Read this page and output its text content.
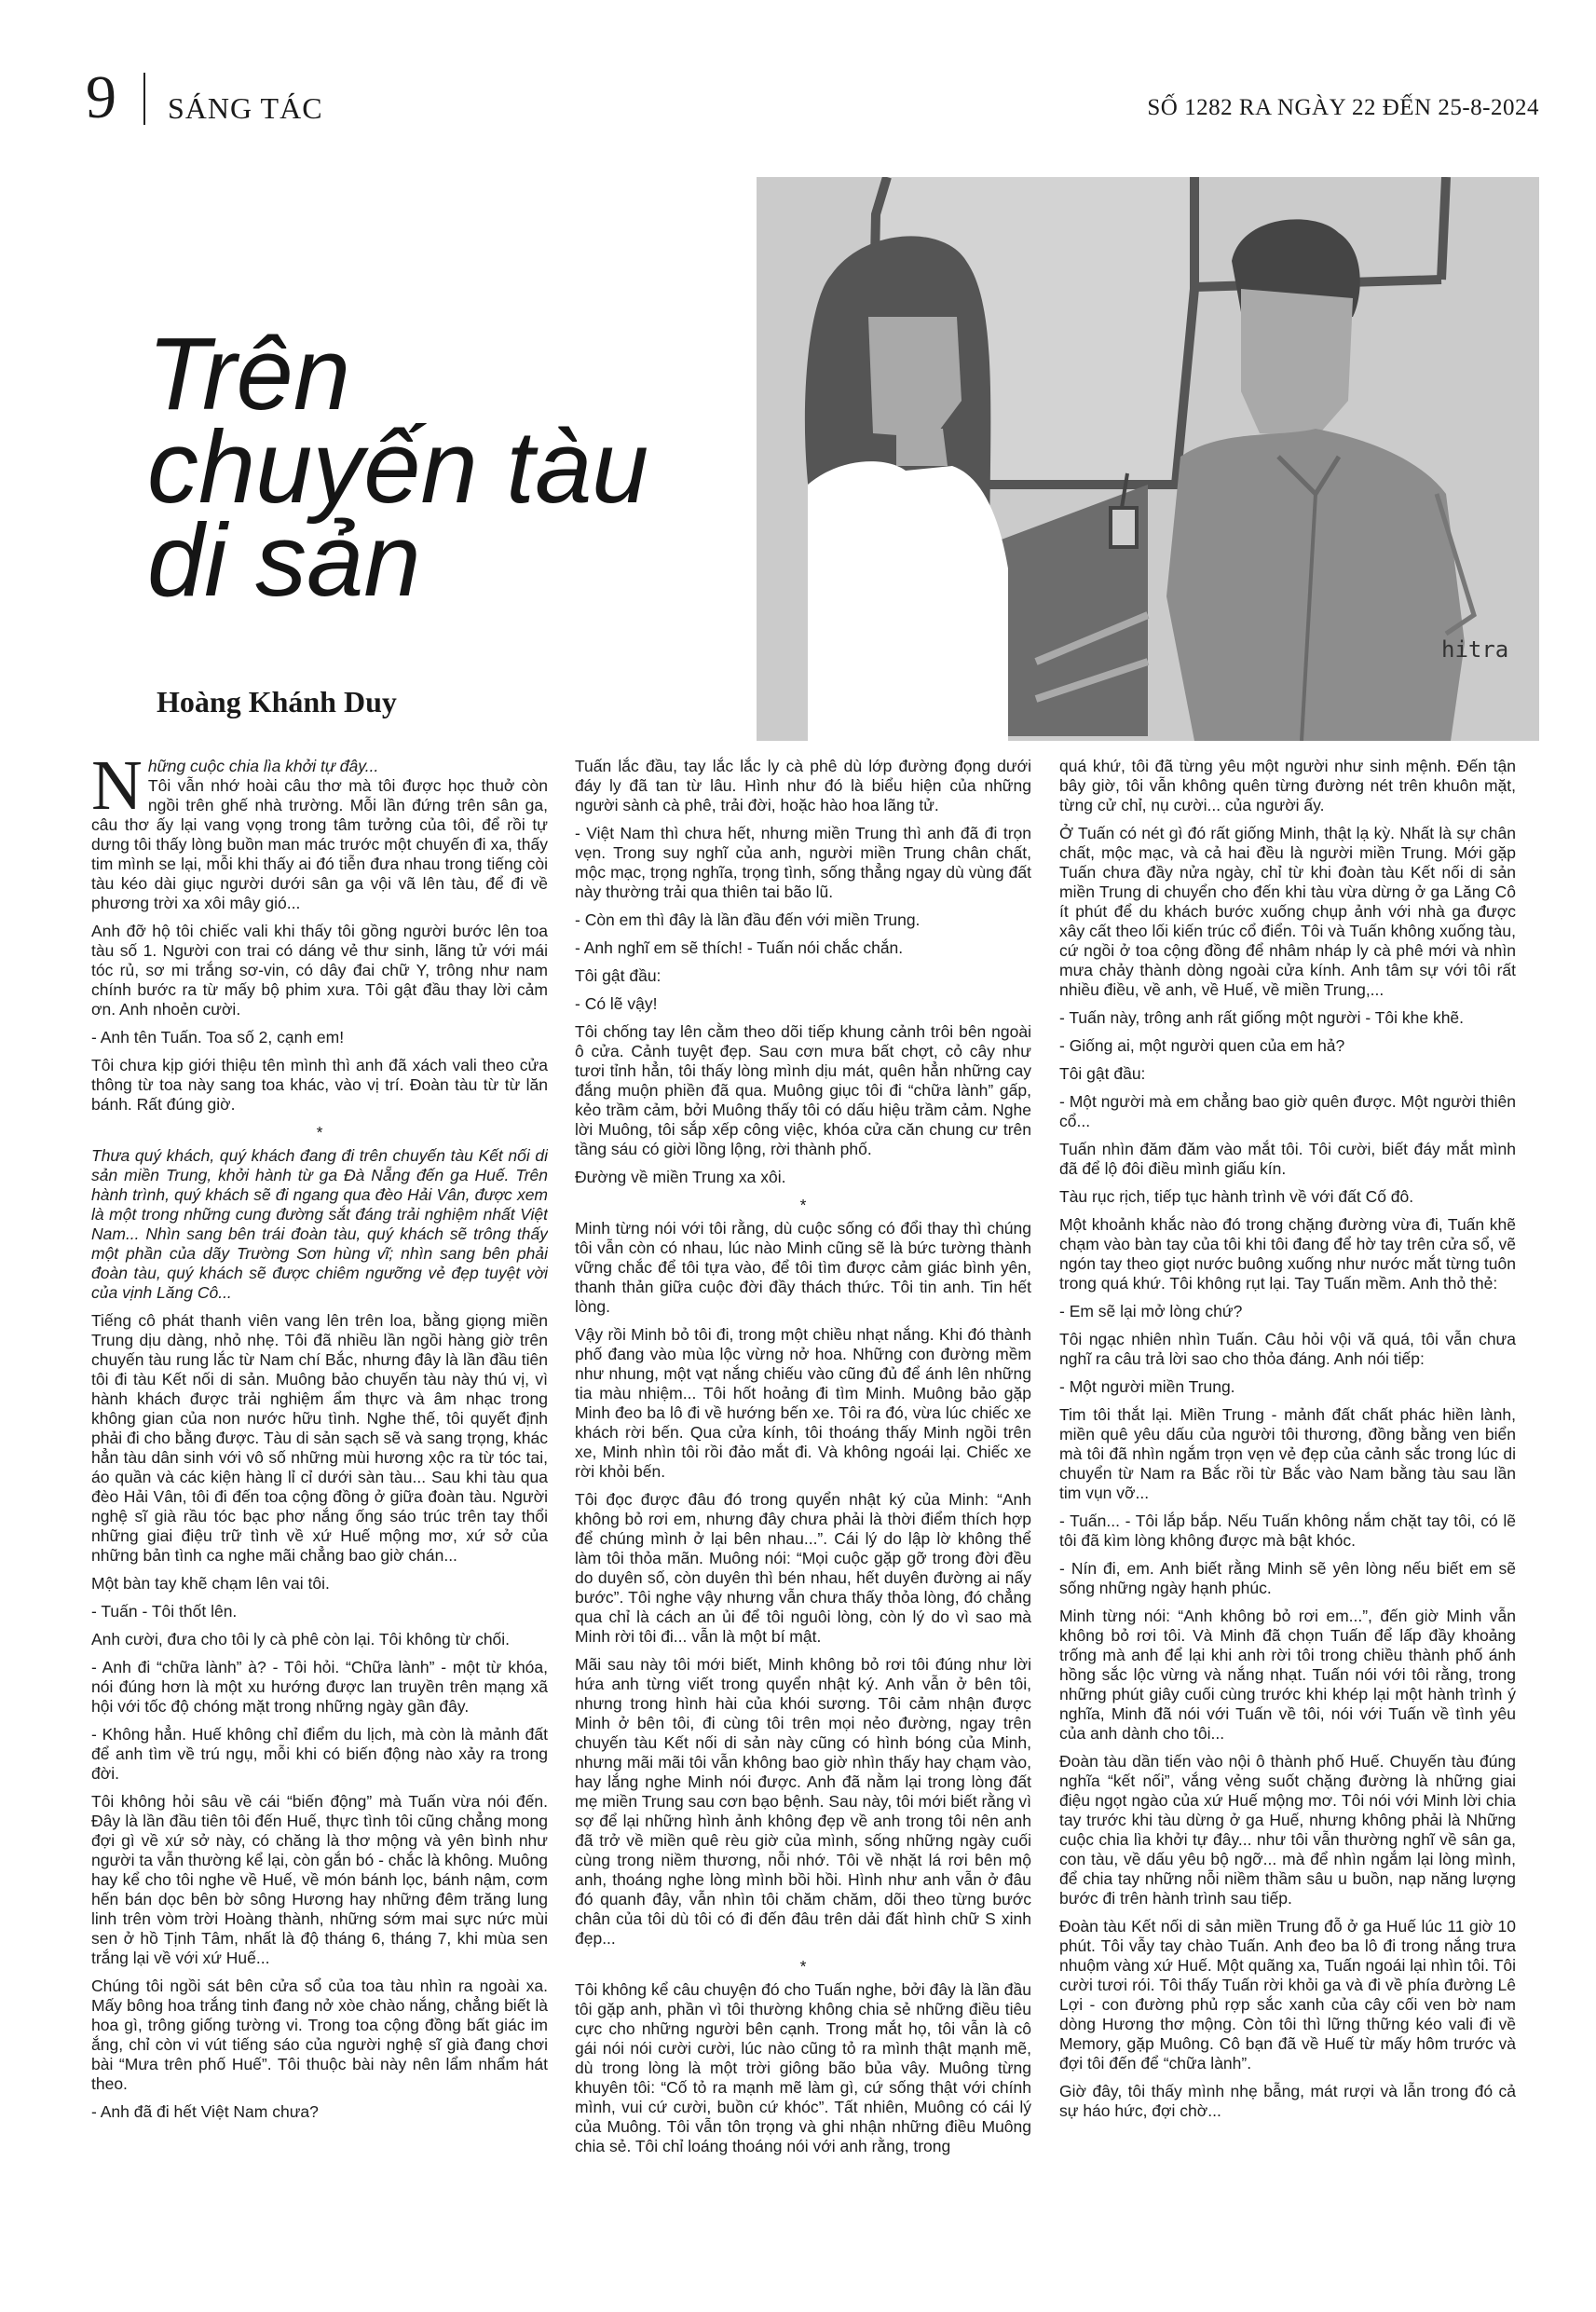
9 SÁNG TÁC	SỐ 1282 RA NGÀY 22 ĐẾN 25-8-2024
hitra
Trên
chuyến tàu
di sản
Hoàng Khánh Duy

Những cuộc chia lìa khởi tự đây...
Tôi vẫn nhớ hoài câu thơ mà tôi được học thuở còn ngồi trên ghế nhà trường. Mỗi lần đứng trên sân ga, câu thơ ấy lại vang vọng trong tâm tưởng của tôi, để rồi tự dưng tôi thấy lòng buồn man mác trước một chuyến đi xa, thấy tim mình se lại, mỗi khi thấy ai đó tiễn đưa nhau trong tiếng còi tàu kéo dài giục người dưới sân ga vội vã lên tàu, để đi về phương trời xa xôi mây gió...

Anh đỡ hộ tôi chiếc vali khi thấy tôi gồng người bước lên toa tàu số 1. Người con trai có dáng vẻ thư sinh, lãng tử với mái tóc rủ, sơ mi trắng sơ-vin, có dây đai chữ Y, trông như nam chính bước ra từ mấy bộ phim xưa. Tôi gật đầu thay lời cảm ơn. Anh nhoẻn cười.

- Anh tên Tuấn. Toa số 2, cạnh em!

Tôi chưa kịp giới thiệu tên mình thì anh đã xách vali theo cửa thông từ toa này sang toa khác, vào vị trí. Đoàn tàu từ từ lăn bánh. Rất đúng giờ.

*

Thưa quý khách, quý khách đang đi trên chuyến tàu Kết nối di sản miền Trung, khởi hành từ ga Đà Nẵng đến ga Huế. Trên hành trình, quý khách sẽ đi ngang qua đèo Hải Vân, được xem là một trong những cung đường sắt đáng trải nghiệm nhất Việt Nam... Nhìn sang bên trái đoàn tàu, quý khách sẽ trông thấy một phần của dãy Trường Sơn hùng vĩ; nhìn sang bên phải đoàn tàu, quý khách sẽ được chiêm ngưỡng vẻ đẹp tuyệt vời của vịnh Lăng Cô...

Tiếng cô phát thanh viên vang lên trên loa, bằng giọng miền Trung dịu dàng, nhỏ nhẹ. Tôi đã nhiều lần ngồi hàng giờ trên chuyến tàu rung lắc từ Nam chí Bắc, nhưng đây là lần đầu tiên tôi đi tàu Kết nối di sản. Muông bảo chuyến tàu này thú vị, vì hành khách được trải nghiệm ẩm thực và âm nhạc trong không gian của non nước hữu tình. Nghe thế, tôi quyết định phải đi cho bằng được. Tàu di sản sạch sẽ và sang trọng, khác hẳn tàu dân sinh với vô số những mùi hương xộc ra từ tóc tai, áo quần và các kiện hàng lỉ cỉ dưới sàn tàu... Sau khi tàu qua đèo Hải Vân, tôi đi đến toa cộng đồng ở giữa đoàn tàu. Người nghệ sĩ già rầu tóc bạc phơ nắng ống sáo trúc trên tay thổi những giai điệu trữ tình về xứ Huế mộng mơ, xứ sở của những bản tình ca nghe mãi chẳng bao giờ chán...

Một bàn tay khẽ chạm lên vai tôi.

- Tuấn - Tôi thốt lên.

Anh cười, đưa cho tôi ly cà phê còn lại. Tôi không từ chối.

- Anh đi “chữa lành” à? - Tôi hỏi. “Chữa lành” - một từ khóa, nói đúng hơn là một xu hướng được lan truyền trên mạng xã hội với tốc độ chóng mặt trong những ngày gần đây.

- Không hẳn. Huế không chỉ điểm du lịch, mà còn là mảnh đất để anh tìm về trú ngụ, mỗi khi có biến động nào xảy ra trong đời.

Tôi không hỏi sâu về cái “biến động” mà Tuấn vừa nói đến. Đây là lần đầu tiên tôi đến Huế, thực tình tôi cũng chẳng mong đợi gì về xứ sở này, có chăng là thơ mộng và yên bình như người ta vẫn thường kể lại, còn gắn bó - chắc là không. Muông hay kể cho tôi nghe về Huế, về món bánh lọc, bánh nậm, cơm hến bán dọc bên bờ sông Hương hay những đêm trăng lung linh trên vòm trời Hoàng thành, những sớm mai sực nức mùi sen ở hồ Tịnh Tâm, nhất là độ tháng 6, tháng 7, khi mùa sen trắng lại về với xứ Huế...

Chúng tôi ngồi sát bên cửa sổ của toa tàu nhìn ra ngoài xa. Mấy bông hoa trắng tinh đang nở xòe chào nắng, chẳng biết là hoa gì, trông giống tường vi. Trong toa cộng đồng bất giác im ắng, chỉ còn vi vút tiếng sáo của người nghệ sĩ già đang chơi bài “Mưa trên phố Huế”. Tôi thuộc bài này nên lẩm nhẩm hát theo.

- Anh đã đi hết Việt Nam chưa?

Tuấn lắc đầu, tay lắc lắc ly cà phê dù lớp đường đọng dưới đáy ly đã tan từ lâu. Hình như đó là biểu hiện của những người sành cà phê, trải đời, hoặc hào hoa lãng tử.

- Việt Nam thì chưa hết, nhưng miền Trung thì anh đã đi trọn vẹn. Trong suy nghĩ của anh, người miền Trung chân chất, mộc mạc, trọng nghĩa, trọng tình, sống thẳng ngay dù vùng đất này thường trải qua thiên tai bão lũ.

- Còn em thì đây là lần đầu đến với miền Trung.

- Anh nghĩ em sẽ thích! - Tuấn nói chắc chắn.

Tôi gật đầu:

- Có lẽ vậy!

Tôi chống tay lên cằm theo dõi tiếp khung cảnh trôi bên ngoài ô cửa. Cảnh tuyệt đẹp. Sau cơn mưa bất chợt, cỏ cây như tươi tỉnh hẳn, tôi thấy lòng mình dịu mát, quên hẳn những cay đắng muộn phiền đã qua. Muông giục tôi đi “chữa lành” gấp, kẻo trầm cảm, bởi Muông thấy tôi có dấu hiệu trầm cảm. Nghe lời Muông, tôi sắp xếp công việc, khóa cửa căn chung cư trên tầng sáu có giời lồng lộng, rời thành phố.

Đường về miền Trung xa xôi.

*

Minh từng nói với tôi rằng, dù cuộc sống có đổi thay thì chúng tôi vẫn còn có nhau, lúc nào Minh cũng sẽ là bức tường thành vững chắc để tôi tựa vào, để tôi tìm được cảm giác bình yên, thanh thản giữa cuộc đời đầy thách thức. Tôi tin anh. Tin hết lòng.

Vậy rồi Minh bỏ tôi đi, trong một chiều nhạt nắng. Khi đó thành phố đang vào mùa lộc vừng nở hoa. Những con đường mềm như nhung, một vạt nắng chiếu vào cũng đủ để ánh lên những tia màu nhiệm... Tôi hốt hoảng đi tìm Minh. Muông bảo gặp Minh đeo ba lô đi về hướng bến xe. Tôi ra đó, vừa lúc chiếc xe khách rời bến. Qua cửa kính, tôi thoáng thấy Minh ngồi trên xe, Minh nhìn tôi rồi đảo mắt đi. Và không ngoái lại. Chiếc xe rời khỏi bến.

Tôi đọc được đâu đó trong quyển nhật ký của Minh: “Anh không bỏ rơi em, nhưng đây chưa phải là thời điểm thích hợp để chúng mình ở lại bên nhau...”. Cái lý do lập lờ không thể làm tôi thỏa mãn. Muông nói: “Mọi cuộc gặp gỡ trong đời đều do duyên số, còn duyên thì bén nhau, hết duyên đường ai nấy bước”. Tôi nghe vậy nhưng vẫn chưa thấy thỏa lòng, đó chẳng qua chỉ là cách an ủi để tôi nguôi lòng, còn lý do vì sao mà Minh rời tôi đi... vẫn là một bí mật.

Mãi sau này tôi mới biết, Minh không bỏ rơi tôi đúng như lời hứa anh từng viết trong quyển nhật ký. Anh vẫn ở bên tôi, nhưng trong hình hài của khói sương. Tôi cảm nhận được Minh ở bên tôi, đi cùng tôi trên mọi nẻo đường, ngay trên chuyến tàu Kết nối di sản này cũng có hình bóng của Minh, nhưng mãi mãi tôi vẫn không bao giờ nhìn thấy hay chạm vào, hay lắng nghe Minh nói được. Anh đã nằm lại trong lòng đất mẹ miền Trung sau cơn bạo bệnh. Sau này, tôi mới biết rằng vì sợ để lại những hình ảnh không đẹp về anh trong tôi nên anh đã trở về miền quê rèu giờ của mình, sống những ngày cuối cùng trong niềm thương, nỗi nhớ. Tôi về nhặt lá rơi bên mộ anh, thoáng nghe lòng mình bồi hồi. Hình như anh vẫn ở đâu đó quanh đây, vẫn nhìn tôi chăm chăm, dõi theo từng bước chân của tôi dù tôi có đi đến đâu trên dải đất hình chữ S xinh đẹp...

*

Tôi không kể câu chuyện đó cho Tuấn nghe, bởi đây là lần đầu tôi gặp anh, phần vì tôi thường không chia sẻ những điều tiêu cực cho những người bên cạnh. Trong mắt họ, tôi vẫn là cô gái nói nói cười cười, lúc nào cũng tỏ ra mình thật mạnh mẽ, dù trong lòng là một trời giông bão bủa vây. Muông từng khuyên tôi: “Cố tỏ ra mạnh mẽ làm gì, cứ sống thật với chính mình, vui cứ cười, buồn cứ khóc”. Tất nhiên, Muông có cái lý của Muông. Tôi vẫn tôn trọng và ghi nhận những điều Muông chia sẻ. Tôi chỉ loáng thoáng nói với anh rằng, trong

quá khứ, tôi đã từng yêu một người như sinh mệnh. Đến tận bây giờ, tôi vẫn không quên từng đường nét trên khuôn mặt, từng cử chỉ, nụ cười... của người ấy.

Ở Tuấn có nét gì đó rất giống Minh, thật lạ kỳ. Nhất là sự chân chất, mộc mạc, và cả hai đều là người miền Trung. Mới gặp Tuấn chưa đầy nửa ngày, chỉ từ khi đoàn tàu Kết nối di sản miền Trung di chuyển cho đến khi tàu vừa dừng ở ga Lăng Cô ít phút để du khách bước xuống chụp ảnh với nhà ga được xây cất theo lối kiến trúc cổ điển. Tôi và Tuấn không xuống tàu, cứ ngồi ở toa cộng đồng để nhâm nháp ly cà phê mới và nhìn mưa chảy thành dòng ngoài cửa kính. Anh tâm sự với tôi rất nhiều điều, về anh, về Huế, về miền Trung,...

- Tuấn này, trông anh rất giống một người - Tôi khe khẽ.

- Giống ai, một người quen của em hả?

Tôi gật đầu:

- Một người mà em chẳng bao giờ quên được. Một người thiên cổ...

Tuấn nhìn đăm đăm vào mắt tôi. Tôi cười, biết đáy mắt mình đã để lộ đôi điều mình giấu kín.

Tàu rục rịch, tiếp tục hành trình về với đất Cố đô.

Một khoảnh khắc nào đó trong chặng đường vừa đi, Tuấn khẽ chạm vào bàn tay của tôi khi tôi đang để hờ tay trên cửa sổ, vẽ ngón tay theo giọt nước buông xuống như nước mắt từng tuôn trong quá khứ. Tôi không rụt lại. Tay Tuấn mềm. Anh thỏ thẻ:

- Em sẽ lại mở lòng chứ?

Tôi ngạc nhiên nhìn Tuấn. Câu hỏi vội vã quá, tôi vẫn chưa nghĩ ra câu trả lời sao cho thỏa đáng. Anh nói tiếp:

- Một người miền Trung.

Tim tôi thắt lại. Miền Trung - mảnh đất chất phác hiền lành, miền quê yêu dấu của người tôi thương, đồng bằng ven biển mà tôi đã nhìn ngắm trọn vẹn vẻ đẹp của cảnh sắc trong lúc di chuyển từ Nam ra Bắc rồi từ Bắc vào Nam bằng tàu sau lần tim vụn vỡ...

- Tuấn... - Tôi lắp bắp. Nếu Tuấn không nắm chặt tay tôi, có lẽ tôi đã kìm lòng không được mà bật khóc.

- Nín đi, em. Anh biết rằng Minh sẽ yên lòng nếu biết em sẽ sống những ngày hạnh phúc.

Minh từng nói: “Anh không bỏ rơi em...”, đến giờ Minh vẫn không bỏ rơi tôi. Và Minh đã chọn Tuấn để lấp đầy khoảng trống mà anh để lại khi anh rời tôi trong chiều thành phố ánh hồng sắc lộc vừng và nắng nhạt. Tuấn nói với tôi rằng, trong những phút giây cuối cùng trước khi khép lại một hành trình ý nghĩa, Minh đã nói với Tuấn về tôi, nói với Tuấn về tình yêu của anh dành cho tôi...

Đoàn tàu dần tiến vào nội ô thành phố Huế. Chuyến tàu đúng nghĩa “kết nối”, vắng vẻng suốt chặng đường là những giai điệu ngọt ngào của xứ Huế mộng mơ. Tôi nói với Minh lời chia tay trước khi tàu dừng ở ga Huế, nhưng không phải là Những cuộc chia lìa khởi tự đây... như tôi vẫn thường nghĩ về sân ga, con tàu, về dấu yêu bộ ngỡ... mà để nhìn ngắm lại lòng mình, để chia tay những nỗi niềm thầm sâu u buồn, nạp năng lượng bước đi trên hành trình sau tiếp.

Đoàn tàu Kết nối di sản miền Trung đỗ ở ga Huế lúc 11 giờ 10 phút. Tôi vẫy tay chào Tuấn. Anh đeo ba lô đi trong nắng trưa nhuộm vàng xứ Huế. Một quãng xa, Tuấn ngoái lại nhìn tôi. Tôi cười tươi rói. Tôi thấy Tuấn rời khỏi ga và đi về phía đường Lê Lợi - con đường phủ rợp sắc xanh của cây cối ven bờ nam dòng Hương thơ mộng. Còn tôi thì lững thững kéo vali đi về Memory, gặp Muông. Cô bạn đã về Huế từ mấy hôm trước và đợi tôi đến để “chữa lành”.

Giờ đây, tôi thấy mình nhẹ bẫng, mát rượi và lẫn trong đó cả sự háo hức, đợi chờ...
